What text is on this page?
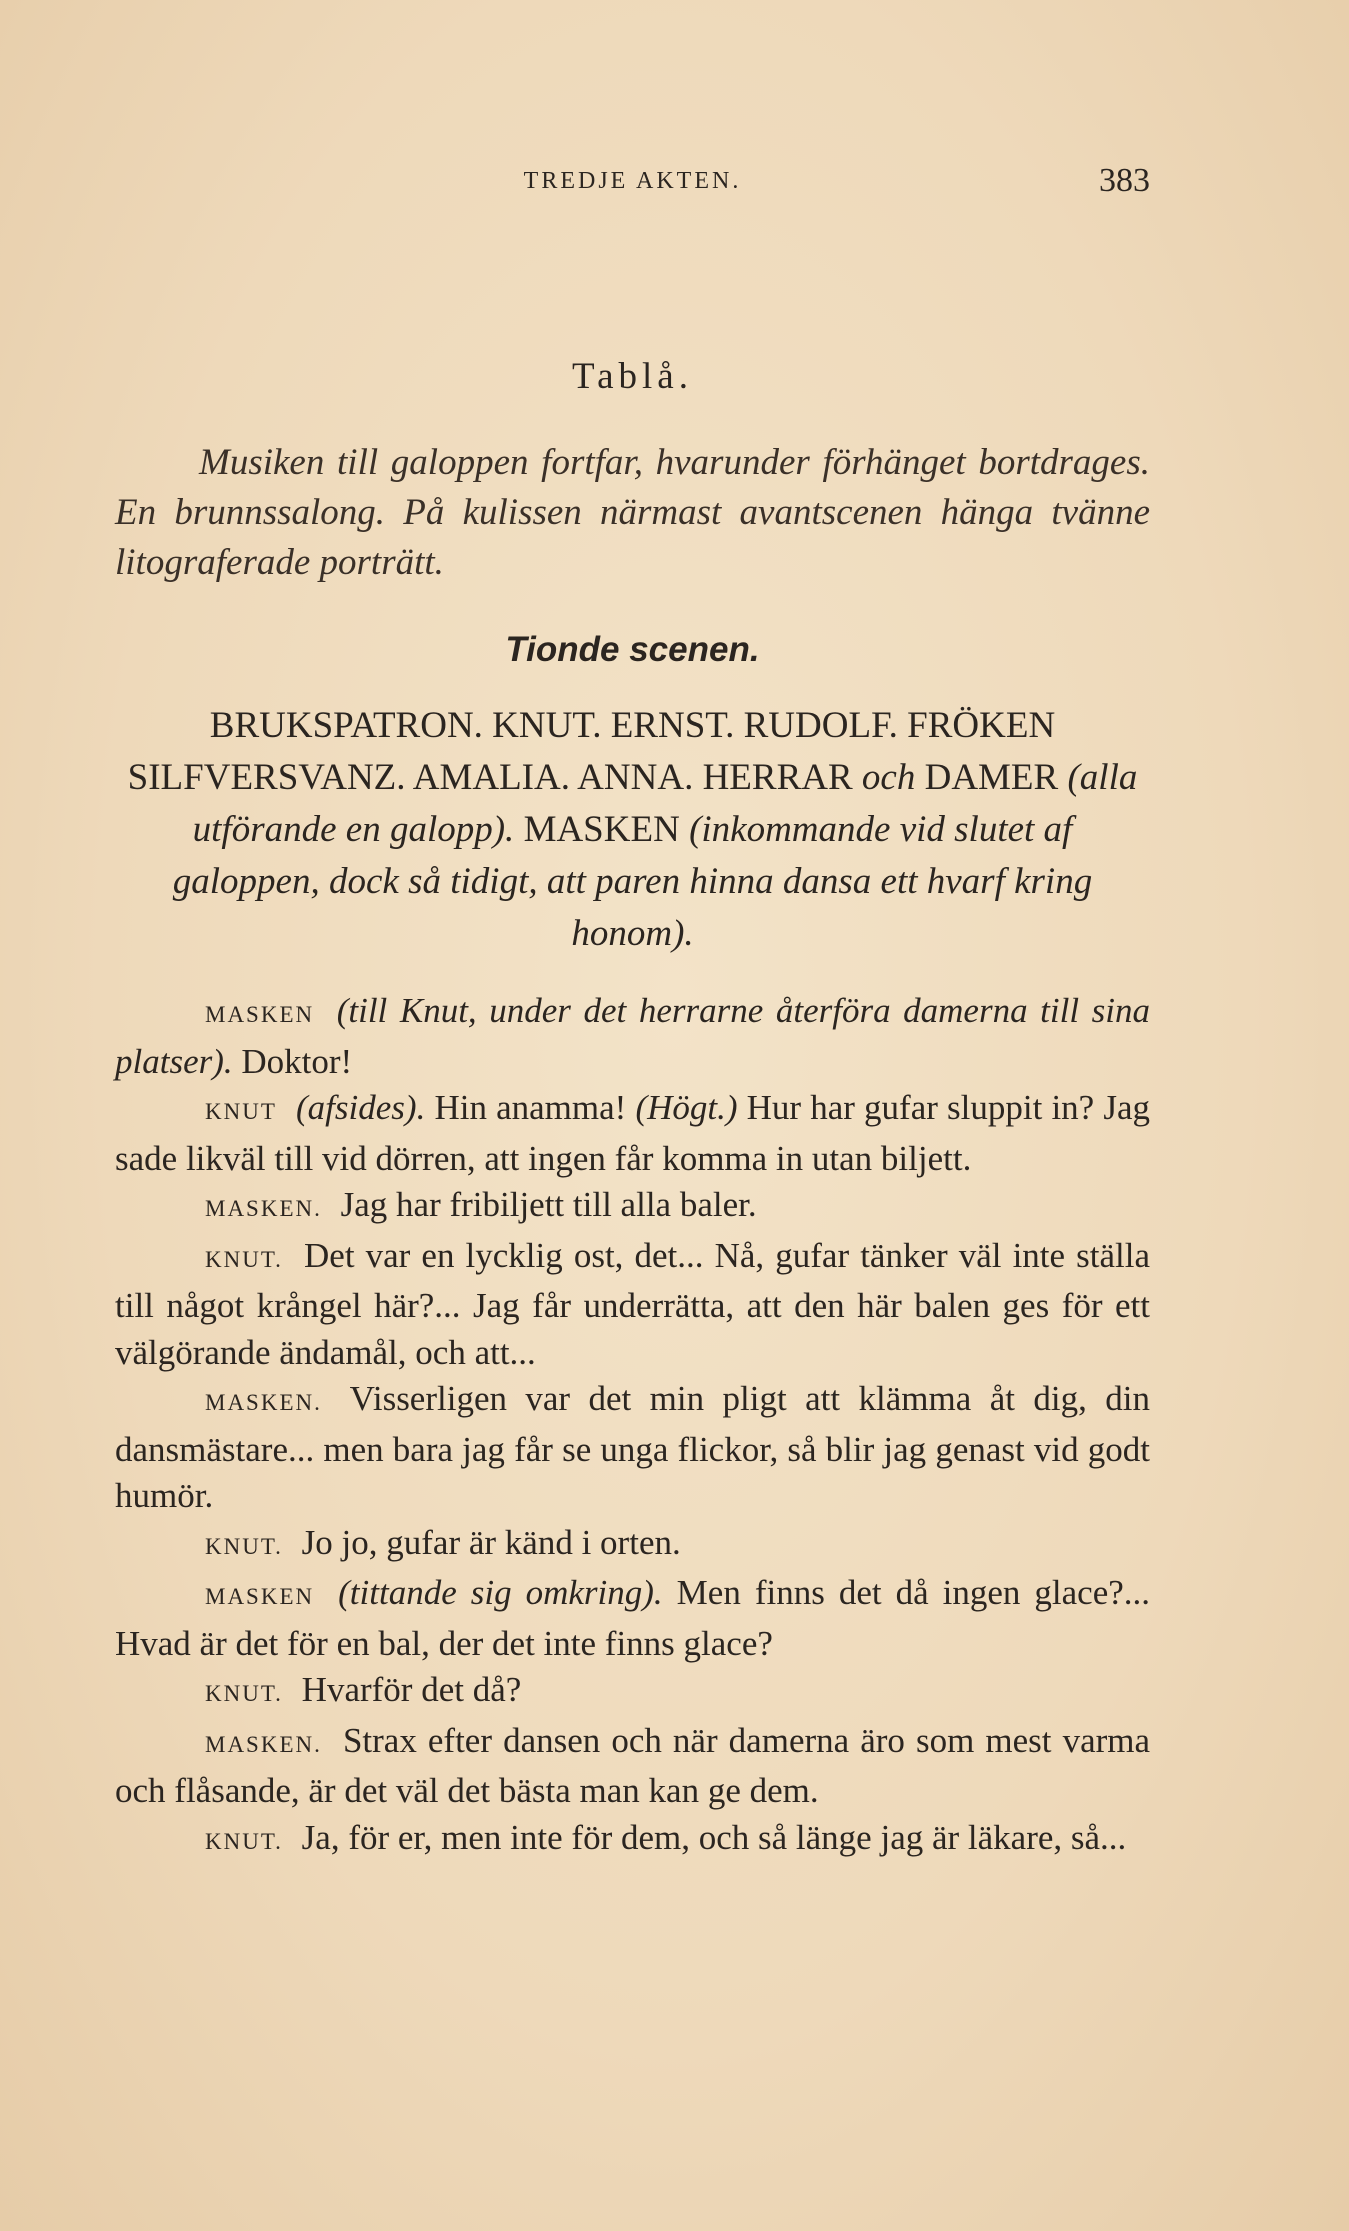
TREDJE AKTEN.	383
Tablå.

Musiken till galoppen fortfar, hvarunder förhänget bortdrages. En brunnssalong. På kulissen närmast avantscenen hänga tvänne litograferade porträtt.

Tionde scenen.
BRUKSPATRON. KNUT. ERNST. RUDOLF. FRÖKEN SILFVERSVANZ. AMALIA. ANNA. HERRAR och DAMER (alla utförande en galopp). MASKEN (inkommande vid slutet af galoppen, dock så tidigt, att paren hinna dansa ett hvarf kring honom).

MASKEN (till Knut, under det herrarne återföra damerna till sina platser). Doktor!

KNUT (afsides). Hin anamma! (Högt.) Hur har gufar sluppit in? Jag sade likväl till vid dörren, att ingen får komma in utan biljett.

MASKEN. Jag har fribiljett till alla baler.

KNUT. Det var en lycklig ost, det... Nå, gufar tänker väl inte ställa till något krångel här?... Jag får underrätta, att den här balen ges för ett välgörande ändamål, och att...

MASKEN. Visserligen var det min pligt att klämma åt dig, din dansmästare... men bara jag får se unga flickor, så blir jag genast vid godt humör.

KNUT. Jo jo, gufar är känd i orten.

MASKEN (tittande sig omkring). Men finns det då ingen glace?... Hvad är det för en bal, der det inte finns glace?

KNUT. Hvarför det då?

MASKEN. Strax efter dansen och när damerna äro som mest varma och flåsande, är det väl det bästa man kan ge dem.

KNUT. Ja, för er, men inte för dem, och så länge jag är läkare, så...
